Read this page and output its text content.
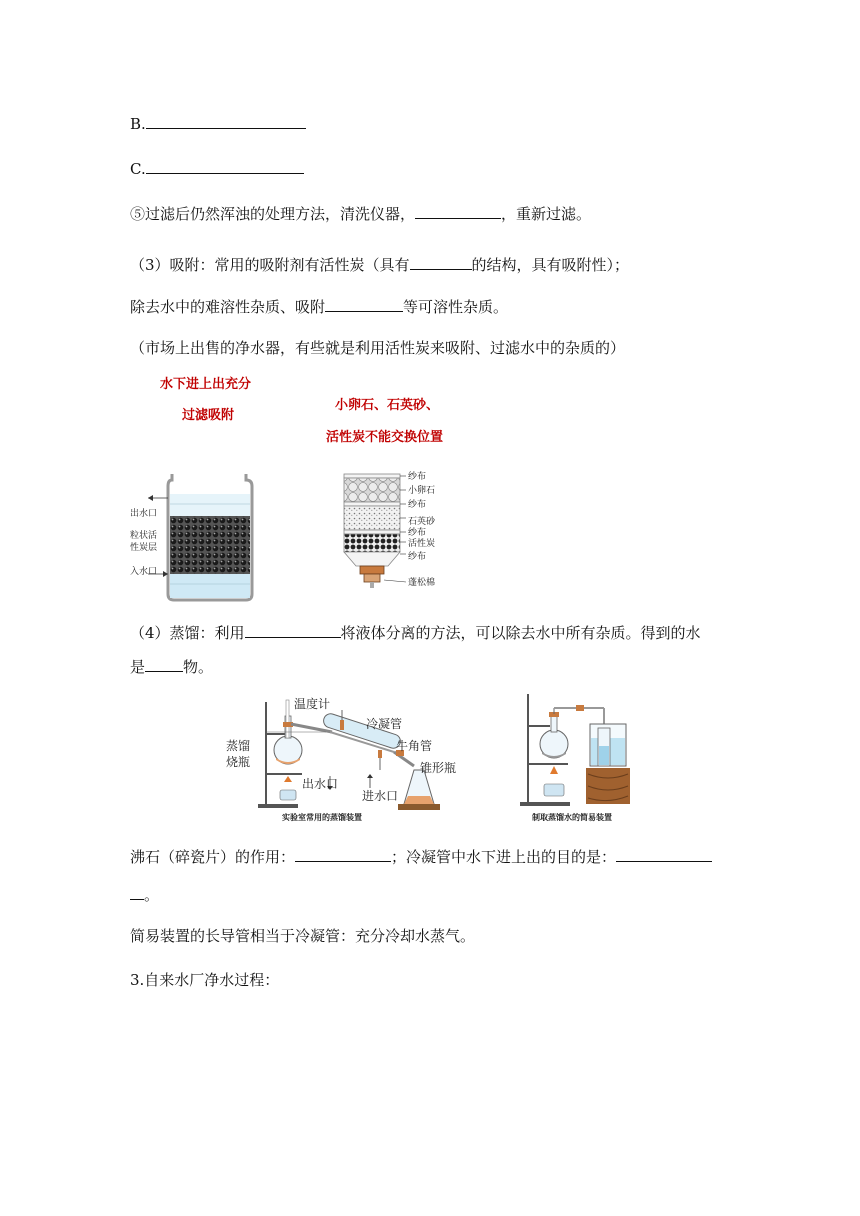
B.
C.
⑤过滤后仍然浑浊的处理方法，清洗仪器，	，重新过滤。
（3）吸附：常用的吸附剂有活性炭（具有	的结构，具有吸附性）；
除去水中的难溶性杂质、吸附	等可溶性杂质。
（市场上出售的净水器，有些就是利用活性炭来吸附、过滤水中的杂质的）
水下进上出充分
过滤吸附
小卵石、石英砂、
活性炭不能交换位置
出水口
粒状活
性炭层
入水口
纱布
小卵石
纱布
石英砂
纱布
活性炭
纱布
蓬松棉
（4）蒸馏：利用	将液体分离的方法，可以除去水中所有杂质。得到的水
是	物。
温度计
冷凝管
蒸馏
烧瓶
牛角管
锥形瓶
出水口
进水口
实验室常用的蒸馏装置	制取蒸馏水的简易装置
沸石（碎瓷片）的作用：	；冷凝管中水下进上出的目的是：
。
简易装置的长导管相当于冷凝管：充分冷却水蒸气。
3.自来水厂净水过程：
